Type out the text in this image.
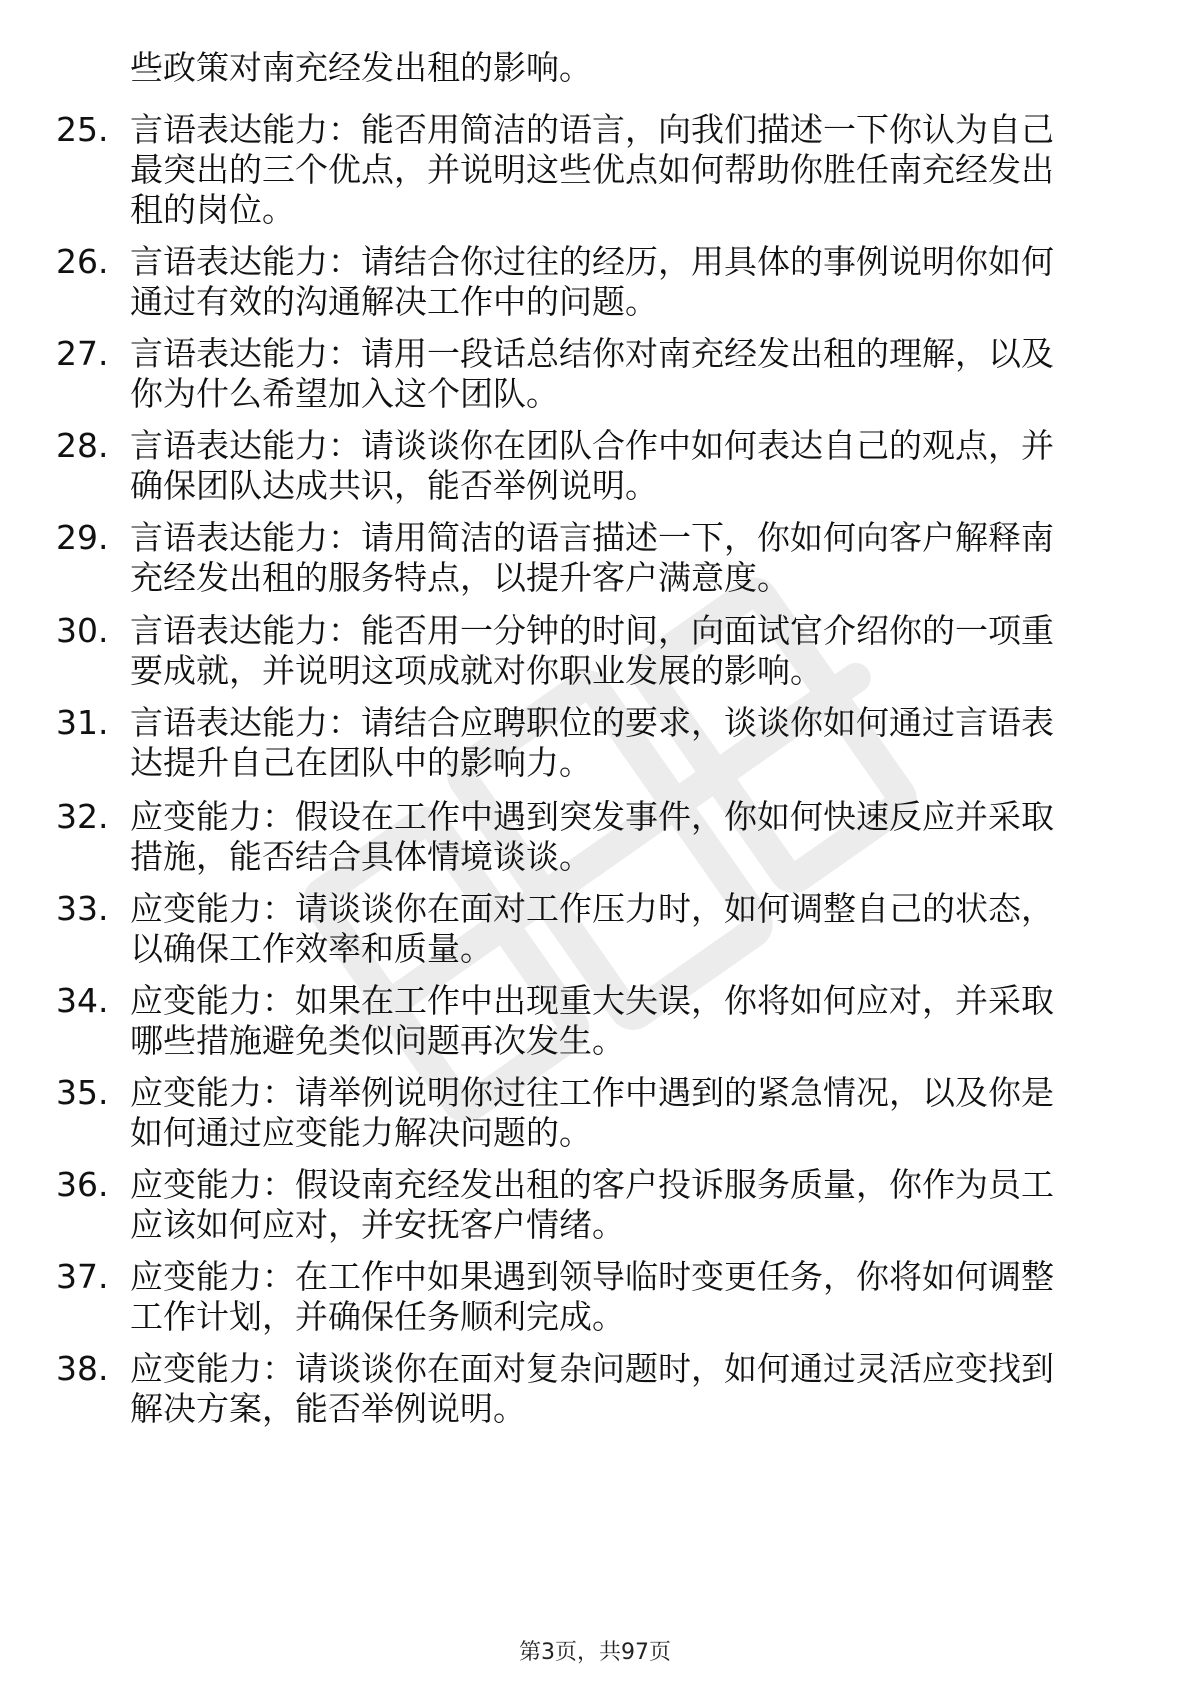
些政策对南充经发出租的影响。
25. 言语表达能力：能否用简洁的语言，向我们描述一下你认为自己
最突出的三个优点，并说明这些优点如何帮助你胜任南充经发出
租的岗位。
26. 言语表达能力：请结合你过往的经历，用具体的事例说明你如何
通过有效的沟通解决工作中的问题。
27. 言语表达能力：请用一段话总结你对南充经发出租的理解，以及
你为什么希望加入这个团队。
28. 言语表达能力：请谈谈你在团队合作中如何表达自己的观点，并
确保团队达成共识，能否举例说明。
29. 言语表达能力：请用简洁的语言描述一下，你如何向客户解释南
充经发出租的服务特点，以提升客户满意度。
30. 言语表达能力：能否用一分钟的时间，向面试官介绍你的一项重
要成就，并说明这项成就对你职业发展的影响。
31. 言语表达能力：请结合应聘职位的要求，谈谈你如何通过言语表
达提升自己在团队中的影响力。
32. 应变能力：假设在工作中遇到突发事件，你如何快速反应并采取
措施，能否结合具体情境谈谈。
33. 应变能力：请谈谈你在面对工作压力时，如何调整自己的状态，
以确保工作效率和质量。
34. 应变能力：如果在工作中出现重大失误，你将如何应对，并采取
哪些措施避免类似问题再次发生。
35. 应变能力：请举例说明你过往工作中遇到的紧急情况，以及你是
如何通过应变能力解决问题的。
36. 应变能力：假设南充经发出租的客户投诉服务质量，你作为员工
应该如何应对，并安抚客户情绪。
37. 应变能力：在工作中如果遇到领导临时变更任务，你将如何调整
工作计划，并确保任务顺利完成。
38. 应变能力：请谈谈你在面对复杂问题时，如何通过灵活应变找到
解决方案，能否举例说明。
第3页，共97页
